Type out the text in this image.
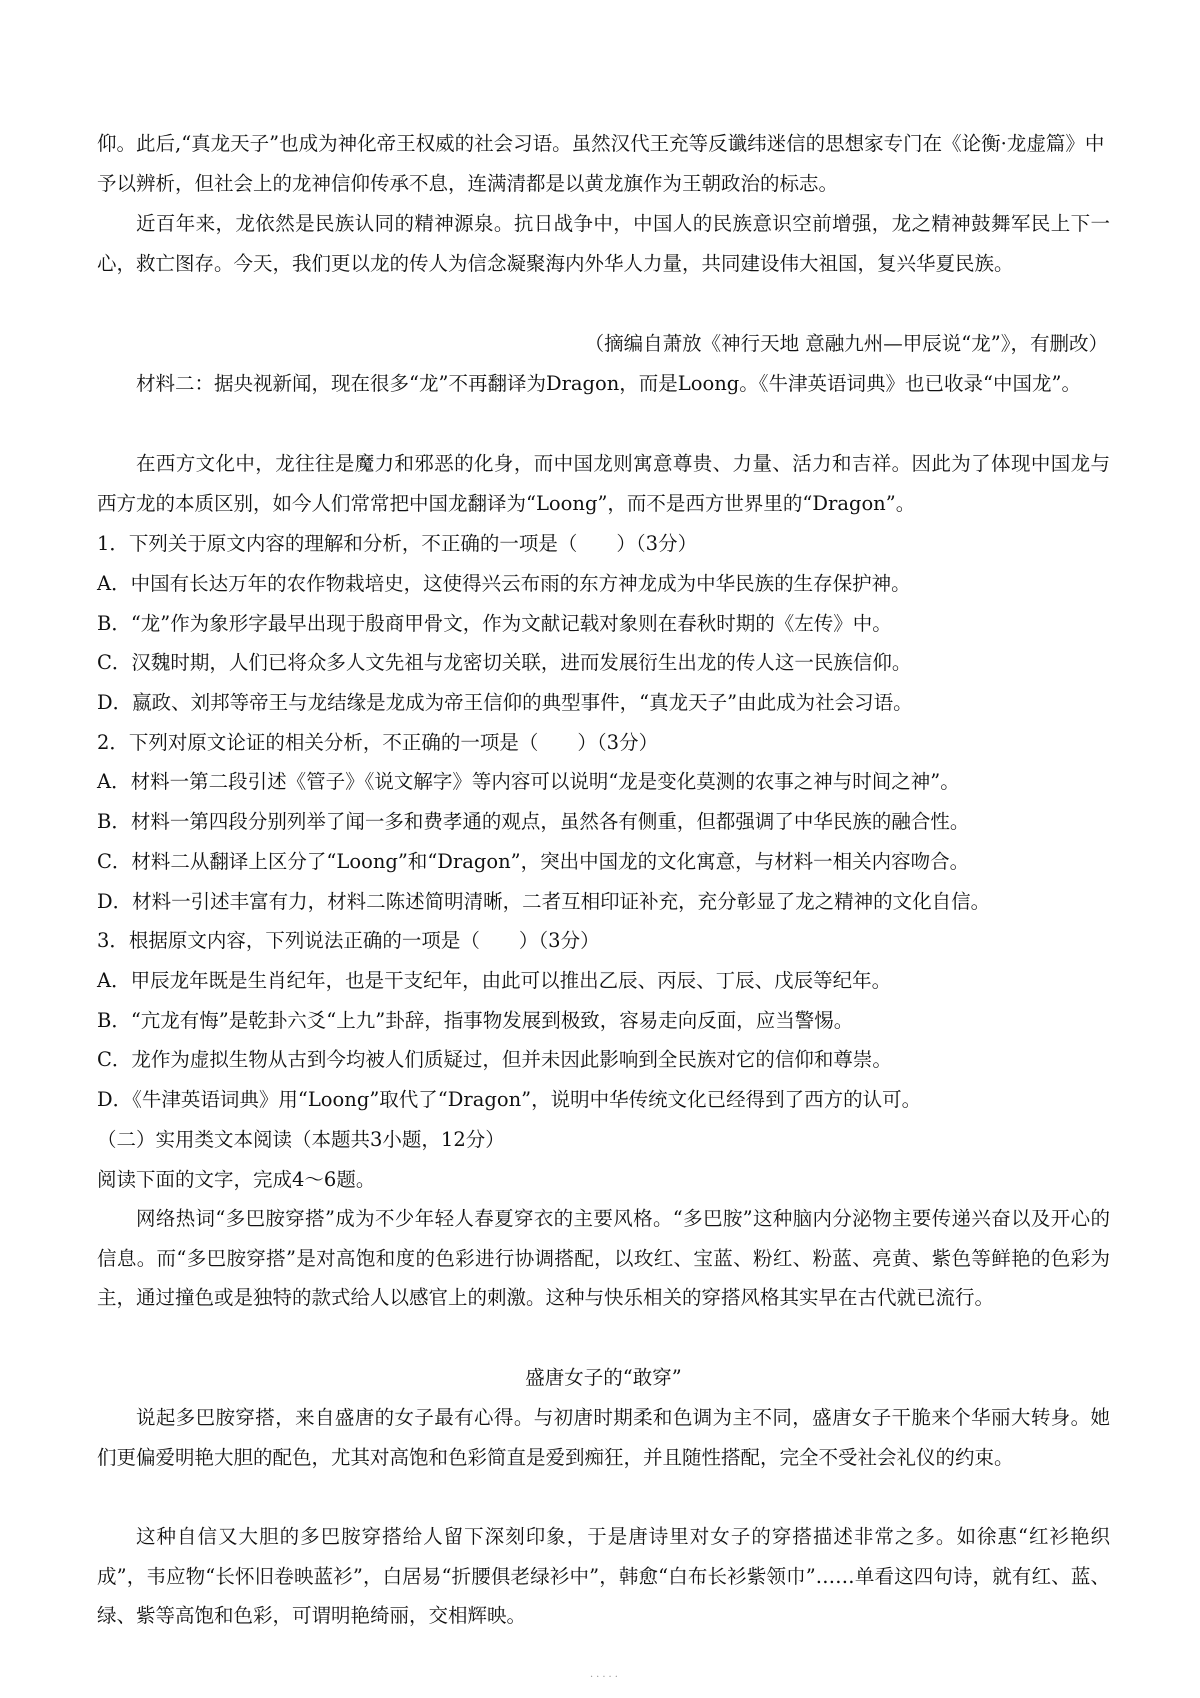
仰。此后,“真龙天子”也成为神化帝王权威的社会习语。虽然汉代王充等反谶纬迷信的思想家专门在《论衡·龙虚篇》中予以辨析，但社会上的龙神信仰传承不息，连满清都是以黄龙旗作为王朝政治的标志。

近百年来，龙依然是民族认同的精神源泉。抗日战争中，中国人的民族意识空前增强，龙之精神鼓舞军民上下一心，救亡图存。今天，我们更以龙的传人为信念凝聚海内外华人力量，共同建设伟大祖国，复兴华夏民族。

（摘编自萧放《神行天地 意融九州—甲辰说“龙”》，有删改）

材料二：据央视新闻，现在很多“龙”不再翻译为Dragon，而是Loong。《牛津英语词典》也已收录“中国龙”。

在西方文化中，龙往往是魔力和邪恶的化身，而中国龙则寓意尊贵、力量、活力和吉祥。因此为了体现中国龙与西方龙的本质区别，如今人们常常把中国龙翻译为“Loong”，而不是西方世界里的“Dragon”。

1．下列关于原文内容的理解和分析，不正确的一项是（　　）（3分）
A．中国有长达万年的农作物栽培史，这使得兴云布雨的东方神龙成为中华民族的生存保护神。
B．“龙”作为象形字最早出现于殷商甲骨文，作为文献记载对象则在春秋时期的《左传》中。
C．汉魏时期，人们已将众多人文先祖与龙密切关联，进而发展衍生出龙的传人这一民族信仰。
D．嬴政、刘邦等帝王与龙结缘是龙成为帝王信仰的典型事件，“真龙天子”由此成为社会习语。
2．下列对原文论证的相关分析，不正确的一项是（　　）（3分）
A．材料一第二段引述《管子》《说文解字》等内容可以说明“龙是变化莫测的农事之神与时间之神”。
B．材料一第四段分别列举了闻一多和费孝通的观点，虽然各有侧重，但都强调了中华民族的融合性。
C．材料二从翻译上区分了“Loong”和“Dragon”，突出中国龙的文化寓意，与材料一相关内容吻合。
D．材料一引述丰富有力，材料二陈述简明清晰，二者互相印证补充，充分彰显了龙之精神的文化自信。
3．根据原文内容，下列说法正确的一项是（　　）（3分）
A．甲辰龙年既是生肖纪年，也是干支纪年，由此可以推出乙辰、丙辰、丁辰、戊辰等纪年。
B．“亢龙有悔”是乾卦六爻“上九”卦辞，指事物发展到极致，容易走向反面，应当警惕。
C．龙作为虚拟生物从古到今均被人们质疑过，但并未因此影响到全民族对它的信仰和尊崇。
D．《牛津英语词典》用“Loong”取代了“Dragon”，说明中华传统文化已经得到了西方的认可。
（二）实用类文本阅读（本题共3小题，12分）
阅读下面的文字，完成4～6题。

网络热词“多巴胺穿搭”成为不少年轻人春夏穿衣的主要风格。“多巴胺”这种脑内分泌物主要传递兴奋以及开心的信息。而“多巴胺穿搭”是对高饱和度的色彩进行协调搭配，以玫红、宝蓝、粉红、粉蓝、亮黄、紫色等鲜艳的色彩为主，通过撞色或是独特的款式给人以感官上的刺激。这种与快乐相关的穿搭风格其实早在古代就已流行。

盛唐女子的“敢穿”

说起多巴胺穿搭，来自盛唐的女子最有心得。与初唐时期柔和色调为主不同，盛唐女子干脆来个华丽大转身。她们更偏爱明艳大胆的配色，尤其对高饱和色彩简直是爱到痴狂，并且随性搭配，完全不受社会礼仪的约束。

这种自信又大胆的多巴胺穿搭给人留下深刻印象，于是唐诗里对女子的穿搭描述非常之多。如徐惠“红衫艳织成”，韦应物“长怀旧卷映蓝衫”，白居易“折腰俱老绿衫中”，韩愈“白布长衫紫领巾”……单看这四句诗，就有红、蓝、绿、紫等高饱和色彩，可谓明艳绮丽，交相辉映。

·····
